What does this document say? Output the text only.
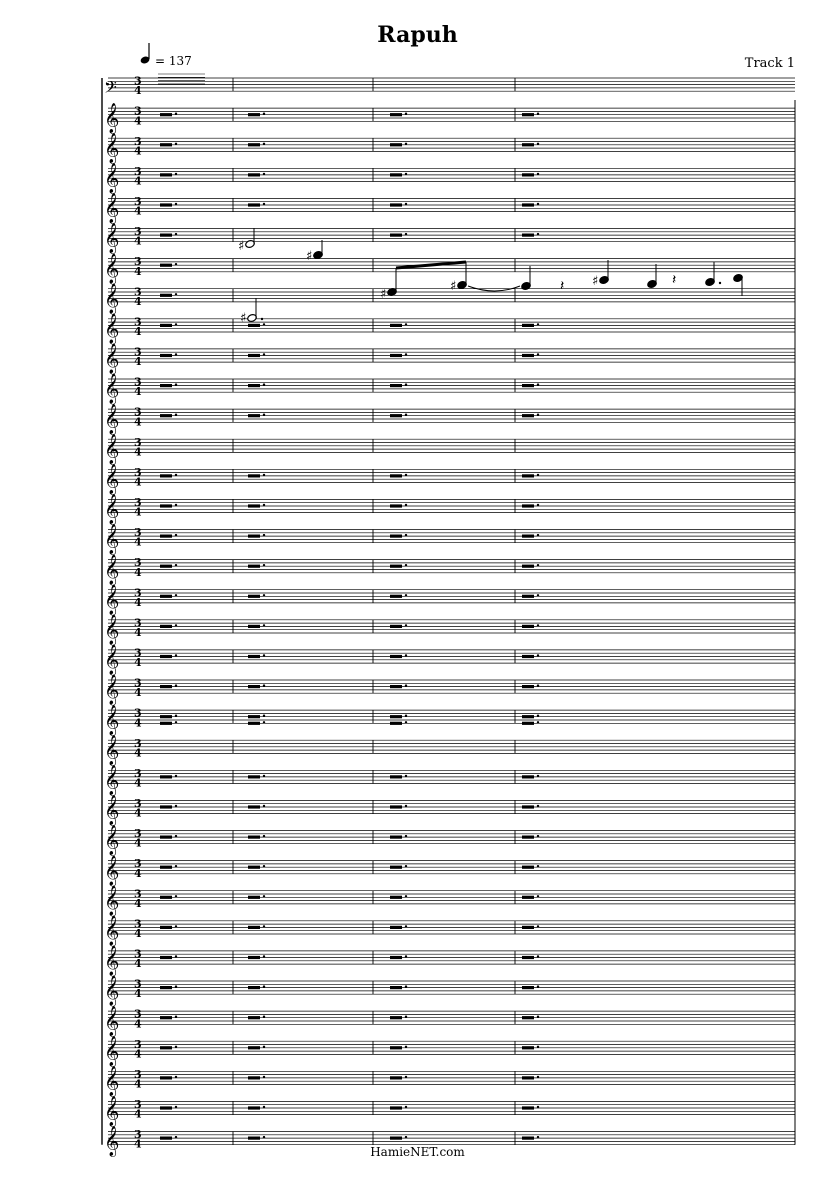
Rapuh
Track 1
= 137
𝄢 3
4
𝄞 3
4
𝄞 3
4
𝄞 3
4
𝄞 3
4
𝄞 3
4
𝄞 3
4
𝄞 3
4
𝄞 3
4
𝄞 3
4
𝄞 3
4
𝄞 3
4
𝄞 3
4
𝄞 3
4
𝄞 3
4
𝄞 3
4
𝄞 3
4
𝄞 3
4
𝄞 3
4
𝄞 3
4
𝄞 3
4
𝄞 3
4
𝄞 3
4
𝄞 3
4
𝄞 3
4
𝄞 3
4
𝄞 3
4
𝄞 3
4
𝄞 3
4
𝄞 3
4
𝄞 3
4
𝄞 3
4
𝄞 3
4
𝄞 3
4
𝄞 3
4
𝄞 3
4
♯
♯
♯
♯	𝄽 ♯	𝄽
♯
HamieNET.com
